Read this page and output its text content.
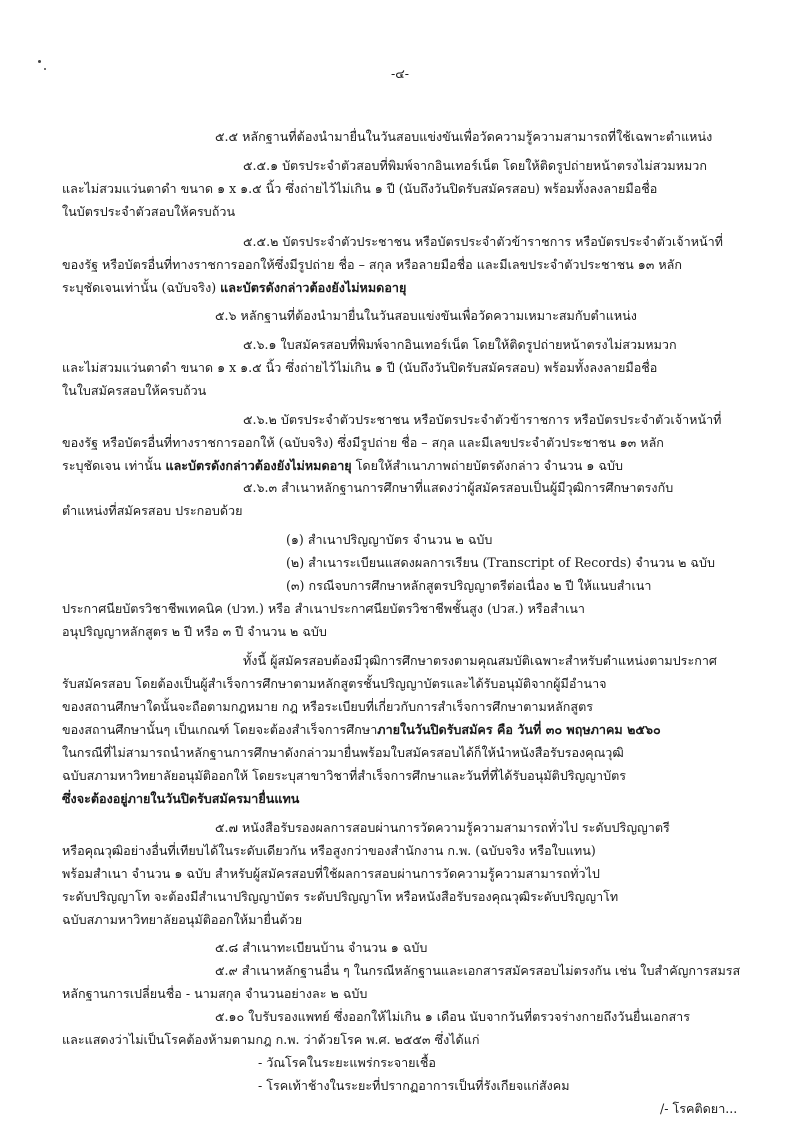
-๔-
๕.๕ หลักฐานที่ต้องนำมายื่นในวันสอบแข่งขันเพื่อวัดความรู้ความสามารถที่ใช้เฉพาะตำแหน่ง
๕.๕.๑ บัตรประจำตัวสอบที่พิมพ์จากอินเทอร์เน็ต โดยให้ติดรูปถ่ายหน้าตรงไม่สวมหมวก
และไม่สวมแว่นตาดำ ขนาด ๑ x ๑.๕ นิ้ว ซึ่งถ่ายไว้ไม่เกิน ๑ ปี (นับถึงวันปิดรับสมัครสอบ) พร้อมทั้งลงลายมือชื่อ
ในบัตรประจำตัวสอบให้ครบถ้วน
๕.๕.๒ บัตรประจำตัวประชาชน หรือบัตรประจำตัวข้าราชการ หรือบัตรประจำตัวเจ้าหน้าที่
ของรัฐ หรือบัตรอื่นที่ทางราชการออกให้ซึ่งมีรูปถ่าย ชื่อ – สกุล หรือลายมือชื่อ และมีเลขประจำตัวประชาชน ๑๓ หลัก
ระบุชัดเจนเท่านั้น (ฉบับจริง) และบัตรดังกล่าวต้องยังไม่หมดอายุ
๕.๖ หลักฐานที่ต้องนำมายื่นในวันสอบแข่งขันเพื่อวัดความเหมาะสมกับตำแหน่ง
๕.๖.๑ ใบสมัครสอบที่พิมพ์จากอินเทอร์เน็ต โดยให้ติดรูปถ่ายหน้าตรงไม่สวมหมวก
และไม่สวมแว่นตาดำ ขนาด ๑ x ๑.๕ นิ้ว ซึ่งถ่ายไว้ไม่เกิน ๑ ปี (นับถึงวันปิดรับสมัครสอบ) พร้อมทั้งลงลายมือชื่อ
ในใบสมัครสอบให้ครบถ้วน
๕.๖.๒ บัตรประจำตัวประชาชน หรือบัตรประจำตัวข้าราชการ หรือบัตรประจำตัวเจ้าหน้าที่
ของรัฐ หรือบัตรอื่นที่ทางราชการออกให้ (ฉบับจริง) ซึ่งมีรูปถ่าย ชื่อ – สกุล และมีเลขประจำตัวประชาชน ๑๓ หลัก
ระบุชัดเจน เท่านั้น และบัตรดังกล่าวต้องยังไม่หมดอายุ โดยให้สำเนาภาพถ่ายบัตรดังกล่าว จำนวน ๑ ฉบับ
๕.๖.๓ สำเนาหลักฐานการศึกษาที่แสดงว่าผู้สมัครสอบเป็นผู้มีวุฒิการศึกษาตรงกับ
ตำแหน่งที่สมัครสอบ ประกอบด้วย
(๑) สำเนาปริญญาบัตร จำนวน ๒ ฉบับ
(๒) สำเนาระเบียนแสดงผลการเรียน (Transcript of Records) จำนวน ๒ ฉบับ
(๓) กรณีจบการศึกษาหลักสูตรปริญญาตรีต่อเนื่อง ๒ ปี ให้แนบสำเนา
ประกาศนียบัตรวิชาชีพเทคนิค (ปวท.) หรือ สำเนาประกาศนียบัตรวิชาชีพชั้นสูง (ปวส.) หรือสำเนา
อนุปริญญาหลักสูตร ๒ ปี หรือ ๓ ปี จำนวน ๒ ฉบับ
ทั้งนี้ ผู้สมัครสอบต้องมีวุฒิการศึกษาตรงตามคุณสมบัติเฉพาะสำหรับตำแหน่งตามประกาศ
รับสมัครสอบ โดยต้องเป็นผู้สำเร็จการศึกษาตามหลักสูตรชั้นปริญญาบัตรและได้รับอนุมัติจากผู้มีอำนาจ
ของสถานศึกษาใดนั้นจะถือตามกฎหมาย กฎ หรือระเบียบที่เกี่ยวกับการสำเร็จการศึกษาตามหลักสูตร
ของสถานศึกษานั้นๆ เป็นเกณฑ์ โดยจะต้องสำเร็จการศึกษาภายในวันปิดรับสมัคร คือ วันที่ ๓๐ พฤษภาคม ๒๕๖๐
ในกรณีที่ไม่สามารถนำหลักฐานการศึกษาดังกล่าวมายื่นพร้อมใบสมัครสอบได้ก็ให้นำหนังสือรับรองคุณวุฒิ
ฉบับสภามหาวิทยาลัยอนุมัติออกให้ โดยระบุสาขาวิชาที่สำเร็จการศึกษาและวันที่ที่ได้รับอนุมัติปริญญาบัตร
ซึ่งจะต้องอยู่ภายในวันปิดรับสมัครมายื่นแทน
๕.๗ หนังสือรับรองผลการสอบผ่านการวัดความรู้ความสามารถทั่วไป ระดับปริญญาตรี
หรือคุณวุฒิอย่างอื่นที่เทียบได้ในระดับเดียวกัน หรือสูงกว่าของสำนักงาน ก.พ. (ฉบับจริง หรือใบแทน)
พร้อมสำเนา จำนวน ๑ ฉบับ สำหรับผู้สมัครสอบที่ใช้ผลการสอบผ่านการวัดความรู้ความสามารถทั่วไป
ระดับปริญญาโท จะต้องมีสำเนาปริญญาบัตร ระดับปริญญาโท หรือหนังสือรับรองคุณวุฒิระดับปริญญาโท
ฉบับสภามหาวิทยาลัยอนุมัติออกให้มายื่นด้วย
๕.๘ สำเนาทะเบียนบ้าน จำนวน ๑ ฉบับ
๕.๙ สำเนาหลักฐานอื่น ๆ ในกรณีหลักฐานและเอกสารสมัครสอบไม่ตรงกัน เช่น ใบสำคัญการสมรส
หลักฐานการเปลี่ยนชื่อ - นามสกุล จำนวนอย่างละ ๒ ฉบับ
๕.๑๐ ใบรับรองแพทย์ ซึ่งออกให้ไม่เกิน ๑ เดือน นับจากวันที่ตรวจร่างกายถึงวันยื่นเอกสาร
และแสดงว่าไม่เป็นโรคต้องห้ามตามกฎ ก.พ. ว่าด้วยโรค พ.ศ. ๒๕๕๓ ซึ่งได้แก่
- วัณโรคในระยะแพร่กระจายเชื้อ
- โรคเท้าช้างในระยะที่ปรากฏอาการเป็นที่รังเกียจแก่สังคม
/- โรคติดยา...
